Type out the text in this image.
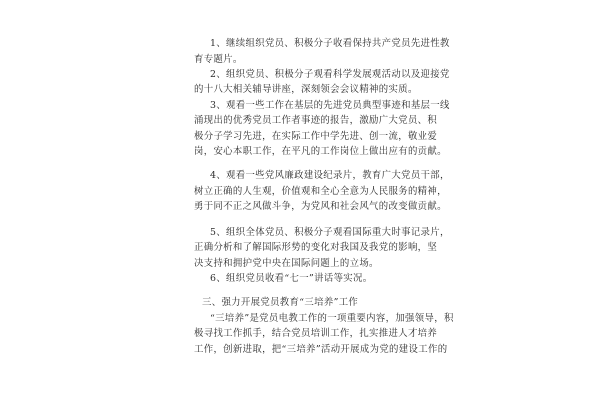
1、继续组织党员、积极分子收看保持共产党员先进性教
育专题片。
2、组织党员、积极分子观看科学发展观活动以及迎接党
的十八大相关辅导讲座，深刻领会会议精神的实质。
3、观看一些工作在基层的先进党员典型事迹和基层一线
涌现出的优秀党员工作者事迹的报告，激励广大党员、积
极分子学习先进，在实际工作中学先进、创一流，敬业爱
岗，安心本职工作，在平凡的工作岗位上做出应有的贡献。
4、观看一些党风廉政建设纪录片，教育广大党员干部，
树立正确的人生观，价值观和全心全意为人民服务的精神，
勇于同不正之风做斗争，为党风和社会风气的改变做贡献。
5、组织全体党员、积极分子观看国际重大时事记录片，
正确分析和了解国际形势的变化对我国及我党的影响，坚
决支持和拥护党中央在国际问题上的立场。
6、组织党员收看“七一”讲话等实况。
三、强力开展党员教育“三培养”工作
“三培养”是党员电教工作的一项重要内容，加强领导，积
极寻找工作抓手，结合党员培训工作，扎实推进人才培养
工作，创新进取，把“三培养”活动开展成为党的建设工作的
